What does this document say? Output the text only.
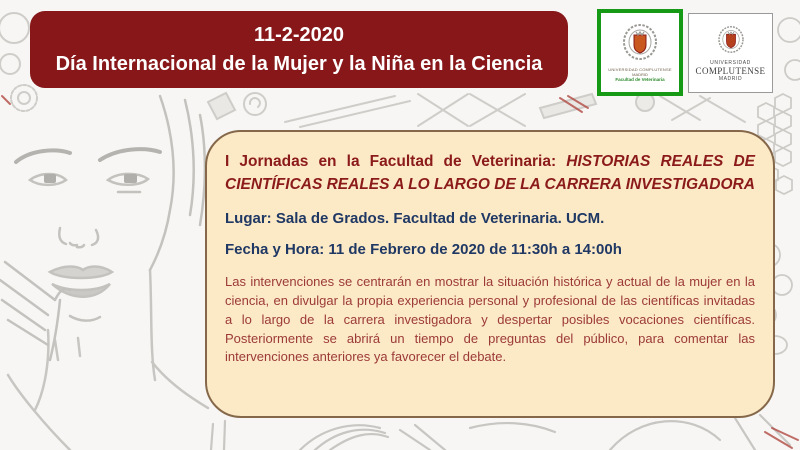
11-2-2020
Día Internacional de la Mujer y la Niña en la Ciencia	UNIVERSIDAD COMPLUTENSE
MADRID
Facultad de Veterinaria
UNIVERSIDAD
COMPLUTENSE
MADRID

I Jornadas en la Facultad de Veterinaria: HISTORIAS REALES DE CIENTÍFICAS REALES A LO LARGO DE LA CARRERA INVESTIGADORA

Lugar: Sala de Grados. Facultad de Veterinaria. UCM.

Fecha y Hora: 11 de Febrero de 2020 de 11:30h a 14:00h

Las intervenciones se centrarán en mostrar la situación histórica y actual de la mujer en la ciencia, en divulgar la propia experiencia personal y profesional de las científicas invitadas a lo largo de la carrera investigadora y despertar posibles vocaciones científicas. Posteriormente se abrirá un tiempo de preguntas del público, para comentar las intervenciones anteriores ya favorecer el debate.
